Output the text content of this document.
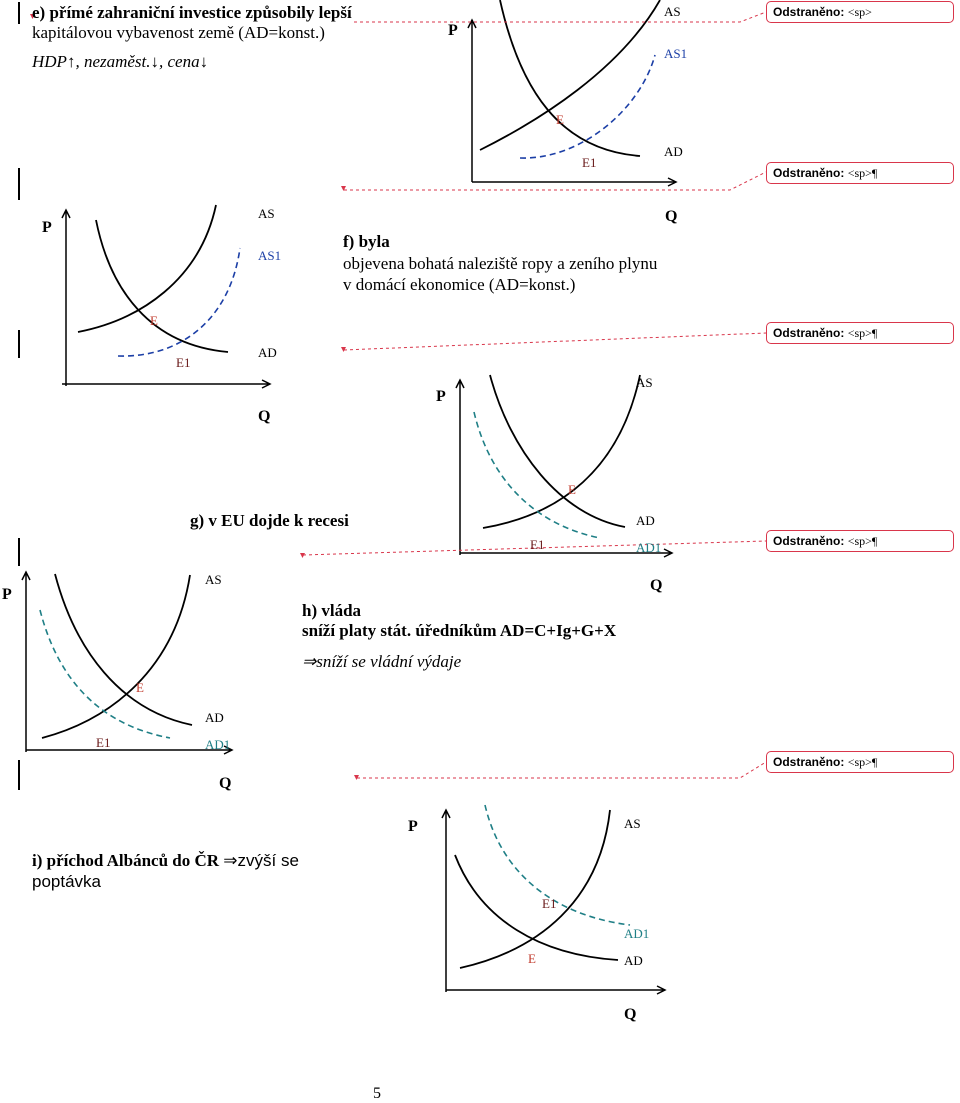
e) přímé zahraniční investice způsobily lepší
kapitálovou vybavenost země (AD=konst.)
HDP↑, nezaměst.↓, cena↓
P
Q
AS
AS1
AD
E
E1
f) byla
objevena bohatá naleziště ropy a zeního plynu
v domácí ekonomice (AD=konst.)
P
Q
AS
AS1
AD
E
E1
P
Q
AS
AD
AD1
E
E1
g) v EU dojde k recesi
P
Q
AS
AD
AD1
E
E1
h) vláda
sníží platy stát. úředníkům AD=C+Ig+G+X
⇒sníží se vládní výdaje
P
Q
AS
AD
AD1
E
E1
i) příchod Albánců do ČR ⇒zvýší se
poptávka
Odstraněno: <sp>
Odstraněno: <sp>¶
Odstraněno: <sp>¶
Odstraněno: <sp>¶
Odstraněno: <sp>¶
5
